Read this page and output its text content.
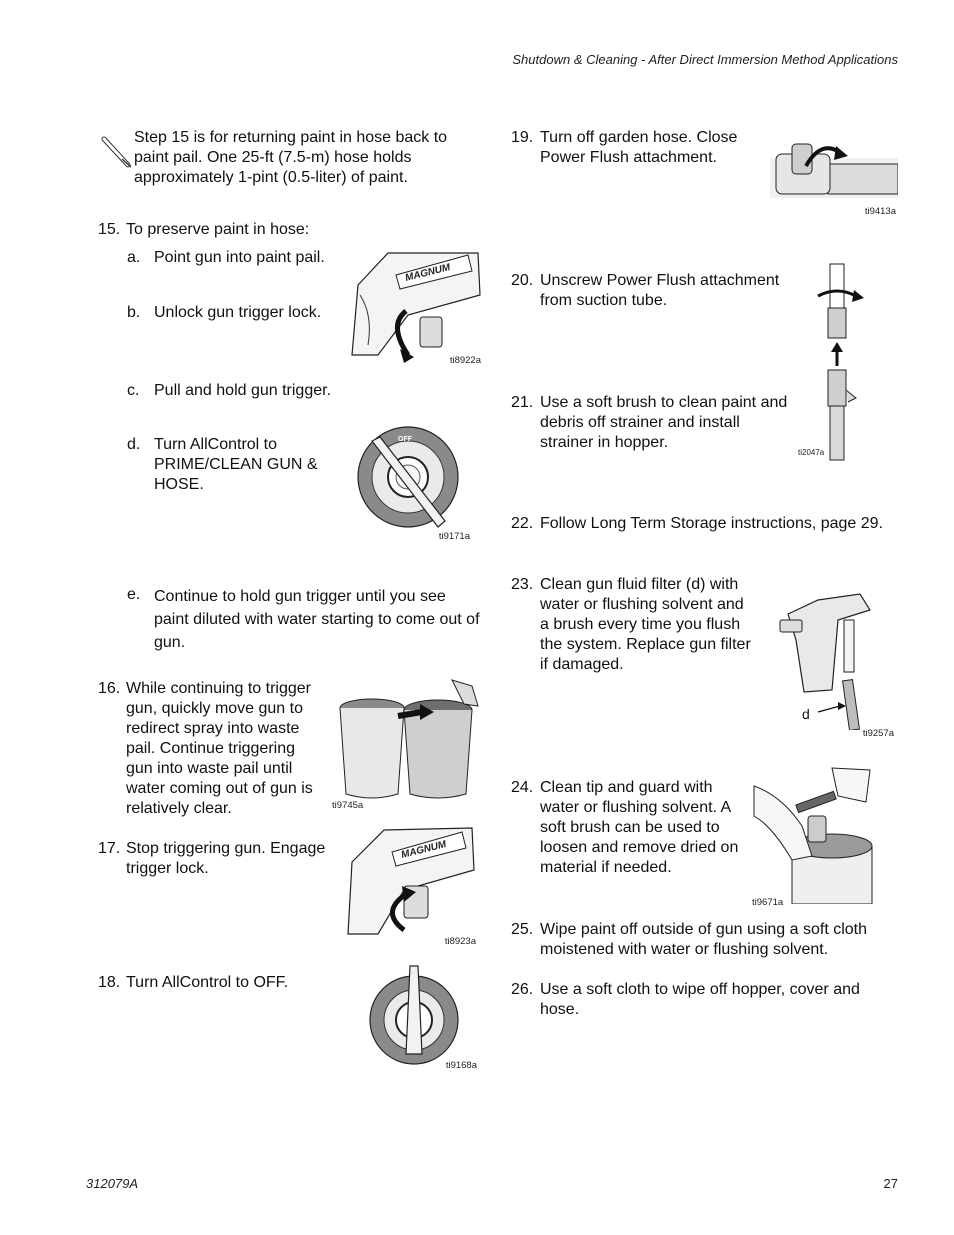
Shutdown & Cleaning - After Direct Immersion Method Applications
Step 15 is for returning paint in hose back to paint pail. One 25-ft (7.5-m) hose holds approximately 1-pint (0.5-liter) of paint.
15. To preserve paint in hose:
a. Point gun into paint pail.
b. Unlock gun trigger lock.
c. Pull and hold gun trigger.
d. Turn AllControl to PRIME/CLEAN GUN & HOSE.
e. Continue to hold gun trigger until you see paint diluted with water starting to come out of gun.
16. While continuing to trigger gun, quickly move gun to redirect spray into waste pail. Continue triggering gun into waste pail until water coming out of gun is relatively clear.
17. Stop triggering gun. Engage trigger lock.
18. Turn AllControl to OFF.
19. Turn off garden hose. Close Power Flush attachment.
20. Unscrew Power Flush attachment from suction tube.
21. Use a soft brush to clean paint and debris off strainer and install strainer in hopper.
22. Follow Long Term Storage instructions, page 29.
23. Clean gun fluid filter (d) with water or flushing solvent and a brush every time you flush the system. Replace gun filter if damaged.
24. Clean tip and guard with water or flushing solvent. A soft brush can be used to loosen and remove dried on material if needed.
25. Wipe paint off outside of gun using a soft cloth moistened with water or flushing solvent.
26. Use a soft cloth to wipe off hopper, cover and hose.
MAGNUM
ti8922a
OFF
ti9171a
ti9745a
MAGNUM
ti8923a
ti9168a
ti9413a
ti2047a
d
ti9257a
ti9671a
312079A	27
